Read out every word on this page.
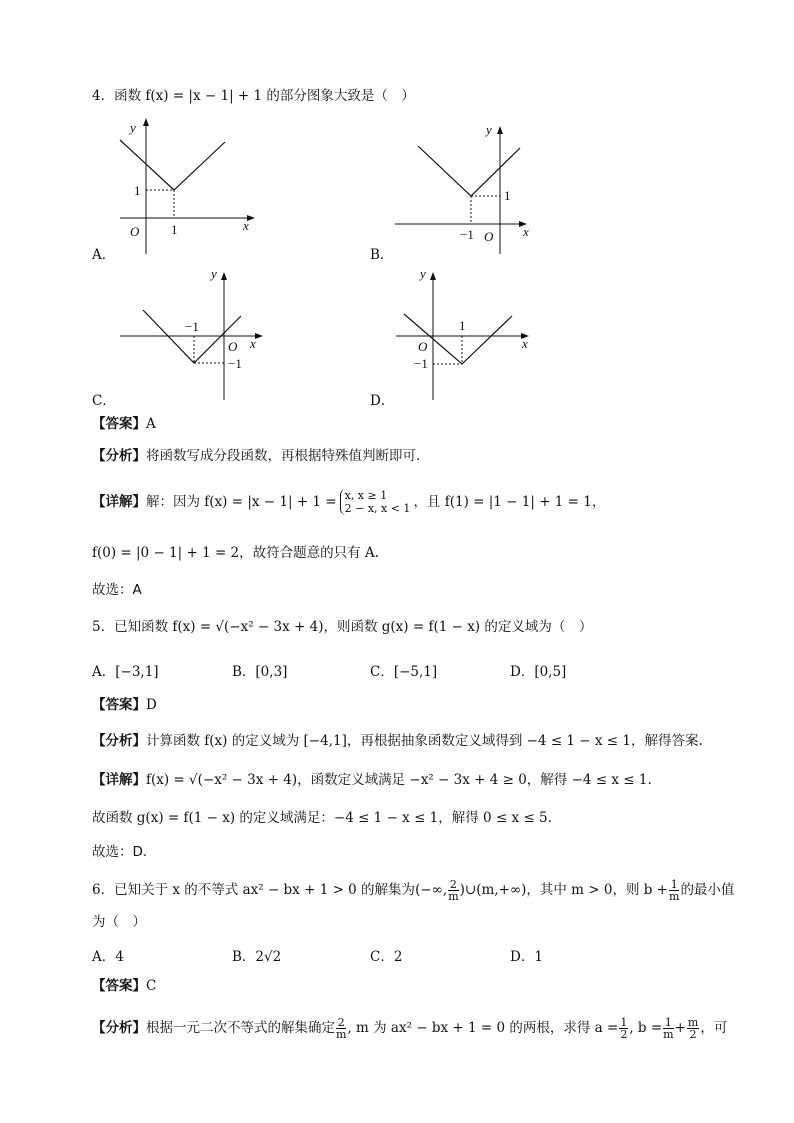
4．函数 f(x) = |x − 1| + 1 的部分图象大致是（　）
y
x
O
1
1
A．
y
x
O
1
−1
B．
y
x
O
−1
−1
C．
y
x
O
−1
1
D．
【答案】A
【分析】将函数写成分段函数，再根据特殊值判断即可.
【详解】 解：因为 f(x) = |x − 1| + 1 = x, x ≥ 1
2 − x, x < 1 ，且 f(1) = |1 − 1| + 1 = 1，
f(0) = |0 − 1| + 1 = 2，故符合题意的只有 A.
故选：A
5．已知函数 f(x) = √(−x² − 3x + 4)，则函数 g(x) = f(1 − x) 的定义域为（　）
A．[−3,1]	B．[0,3]	C．[−5,1]	D．[0,5]
【答案】D
【分析】计算函数 f(x) 的定义域为 [−4,1]，再根据抽象函数定义域得到 −4 ≤ 1 − x ≤ 1，解得答案.
【详解】f(x) = √(−x² − 3x + 4)，函数定义域满足 −x² − 3x + 4 ≥ 0，解得 −4 ≤ x ≤ 1.
故函数 g(x) = f(1 − x) 的定义域满足：−4 ≤ 1 − x ≤ 1，解得 0 ≤ x ≤ 5.
故选：D.
6．已知关于 x 的不等式 ax² − bx + 1 > 0 的解集为 (−∞, $\frac{2}{m}$ )∪(m,+∞)，其中 m > 0，则 $b + \frac{1}{m}$ 的最小值
为（　）
A．4	B．2√2	C．2	D．1
【答案】C
【分析】 根据一元二次不等式的解集确定 $\frac{2}{m}$ , m 为 ax² − bx + 1 = 0 的两根，求得 $a = \frac{1}{2}$ , $b = \frac{1}{m} + \frac{m}{2}$ ，可
